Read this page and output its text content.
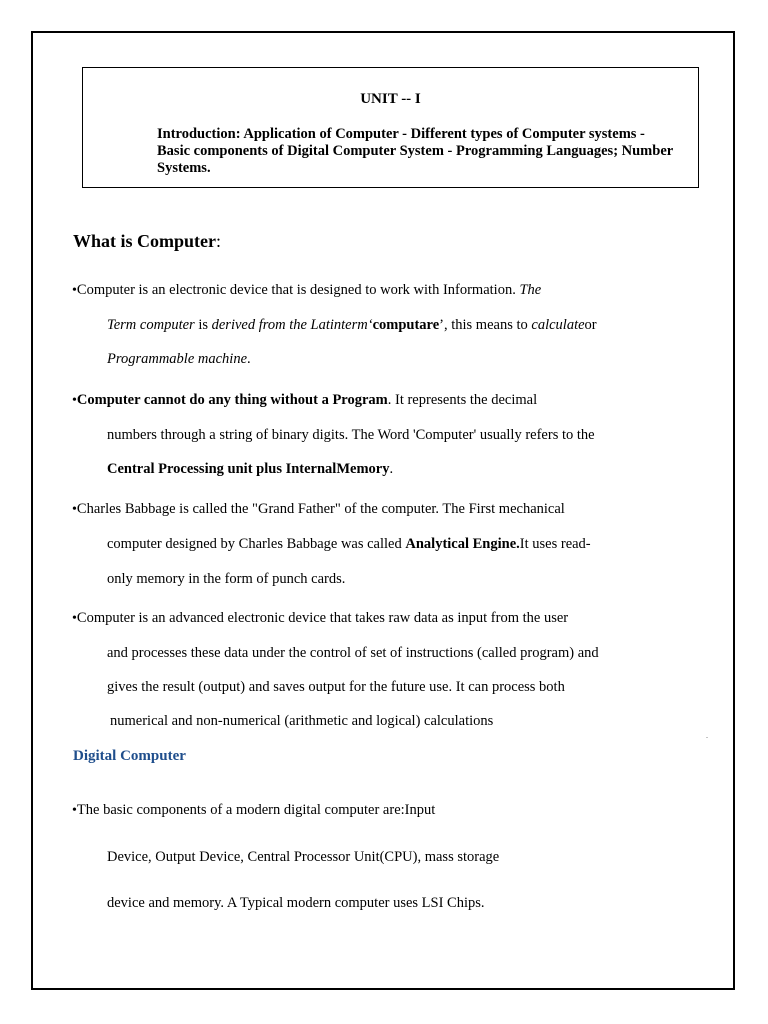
UNIT -- I
Introduction: Application of Computer - Different types of Computer systems - Basic components of Digital Computer System - Programming Languages; Number Systems.
What is Computer:
•Computer is an electronic device that is designed to work with Information. The
Term computer is derived from the Latinterm‘computare’, this means to calculateor
Programmable machine.
•Computer cannot do any thing without a Program. It represents the decimal
numbers through a string of binary digits. The Word 'Computer' usually refers to the
Central Processing unit plus InternalMemory.
•Charles Babbage is called the "Grand Father" of the computer. The First mechanical
computer designed by Charles Babbage was called Analytical Engine.It uses read-
only memory in the form of punch cards.
•Computer is an advanced electronic device that takes raw data as input from the user
and processes these data under the control of set of instructions (called program) and
gives the result (output) and saves output for the future use. It can process both
numerical and non-numerical (arithmetic and logical) calculations
.
Digital Computer
•The basic components of a modern digital computer are:Input
Device, Output Device, Central Processor Unit(CPU), mass storage
device and memory. A Typical modern computer uses LSI Chips.
